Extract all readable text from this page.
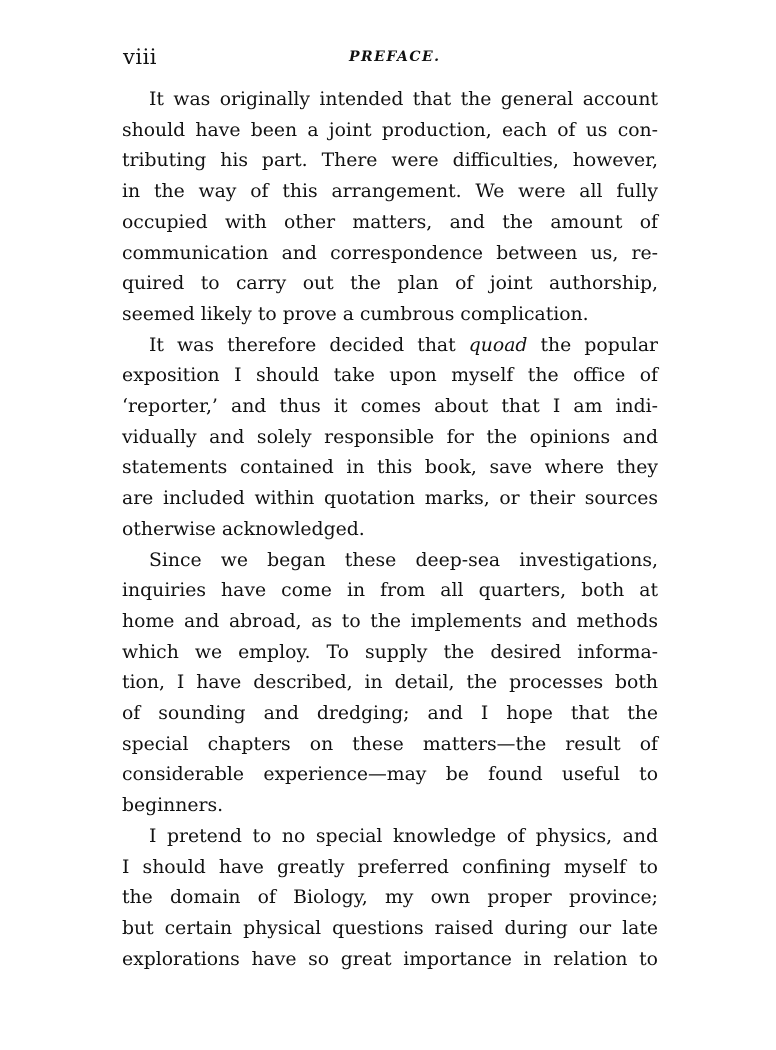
viii	PREFACE.

It was originally intended that the general account
should have been a joint production, each of us con-
tributing his part. There were difficulties, however,
in the way of this arrangement. We were all fully
occupied with other matters, and the amount of
communication and correspondence between us, re-
quired to carry out the plan of joint authorship,
seemed likely to prove a cumbrous complication.

It was therefore decided that quoad the popular
exposition I should take upon myself the office of
‘reporter,’ and thus it comes about that I am indi-
vidually and solely responsible for the opinions and
statements contained in this book, save where they
are included within quotation marks, or their sources
otherwise acknowledged.

Since we began these deep-sea investigations,
inquiries have come in from all quarters, both at
home and abroad, as to the implements and methods
which we employ. To supply the desired informa-
tion, I have described, in detail, the processes both
of sounding and dredging; and I hope that the
special chapters on these matters—the result of
considerable experience—may be found useful to
beginners.

I pretend to no special knowledge of physics, and
I should have greatly preferred confining myself to
the domain of Biology, my own proper province;
but certain physical questions raised during our late
explorations have so great importance in relation to
